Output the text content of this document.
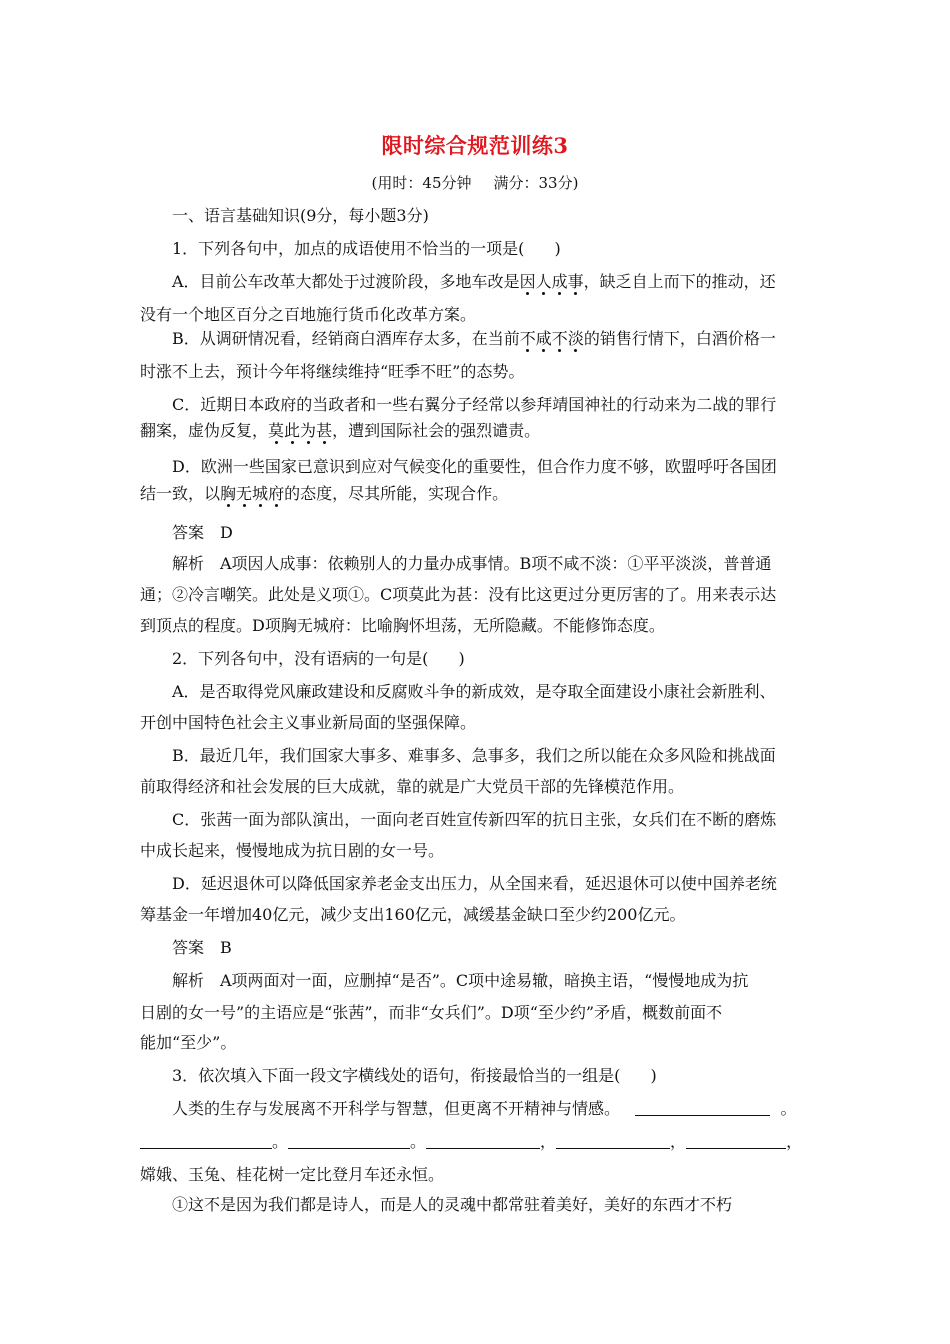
限时综合规范训练3
(用时：45分钟 满分：33分)
一、语言基础知识(9分，每小题3分)
1．下列各句中，加点的成语使用不恰当的一项是( )
A．目前公车改革大都处于过渡阶段，多地车改是因人成事，缺乏自上而下的推动，还
没有一个地区百分之百地施行货币化改革方案。
B．从调研情况看，经销商白酒库存太多，在当前不咸不淡的销售行情下，白酒价格一
时涨不上去，预计今年将继续维持“旺季不旺”的态势。
C．近期日本政府的当政者和一些右翼分子经常以参拜靖国神社的行动来为二战的罪行
翻案，虚伪反复，莫此为甚，遭到国际社会的强烈谴责。
D．欧洲一些国家已意识到应对气候变化的重要性，但合作力度不够，欧盟呼吁各国团
结一致，以胸无城府的态度，尽其所能，实现合作。
答案　D
解析　A项因人成事：依赖别人的力量办成事情。B项不咸不淡：①平平淡淡，普普通
通；②冷言嘲笑。此处是义项①。C项莫此为甚：没有比这更过分更厉害的了。用来表示达
到顶点的程度。D项胸无城府：比喻胸怀坦荡，无所隐藏。不能修饰态度。
2．下列各句中，没有语病的一句是( )
A．是否取得党风廉政建设和反腐败斗争的新成效，是夺取全面建设小康社会新胜利、
开创中国特色社会主义事业新局面的坚强保障。
B．最近几年，我们国家大事多、难事多、急事多，我们之所以能在众多风险和挑战面
前取得经济和社会发展的巨大成就，靠的就是广大党员干部的先锋模范作用。
C．张茜一面为部队演出，一面向老百姓宣传新四军的抗日主张，女兵们在不断的磨炼
中成长起来，慢慢地成为抗日剧的女一号。
D．延迟退休可以降低国家养老金支出压力，从全国来看，延迟退休可以使中国养老统
筹基金一年增加40亿元，减少支出160亿元，减缓基金缺口至少约200亿元。
答案　B
解析　A项两面对一面，应删掉“是否”。C项中途易辙，暗换主语，“慢慢地成为抗
日剧的女一号”的主语应是“张茜”，而非“女兵们”。D项“至少约”矛盾，概数前面不
能加“至少”。
3．依次填入下面一段文字横线处的语句，衔接最恰当的一组是( )
人类的生存与发展离不开科学与智慧，但更离不开精神与情感。	。
。	。	，	，	，
嫦娥、玉兔、桂花树一定比登月车还永恒。
①这不是因为我们都是诗人，而是人的灵魂中都常驻着美好，美好的东西才不朽
